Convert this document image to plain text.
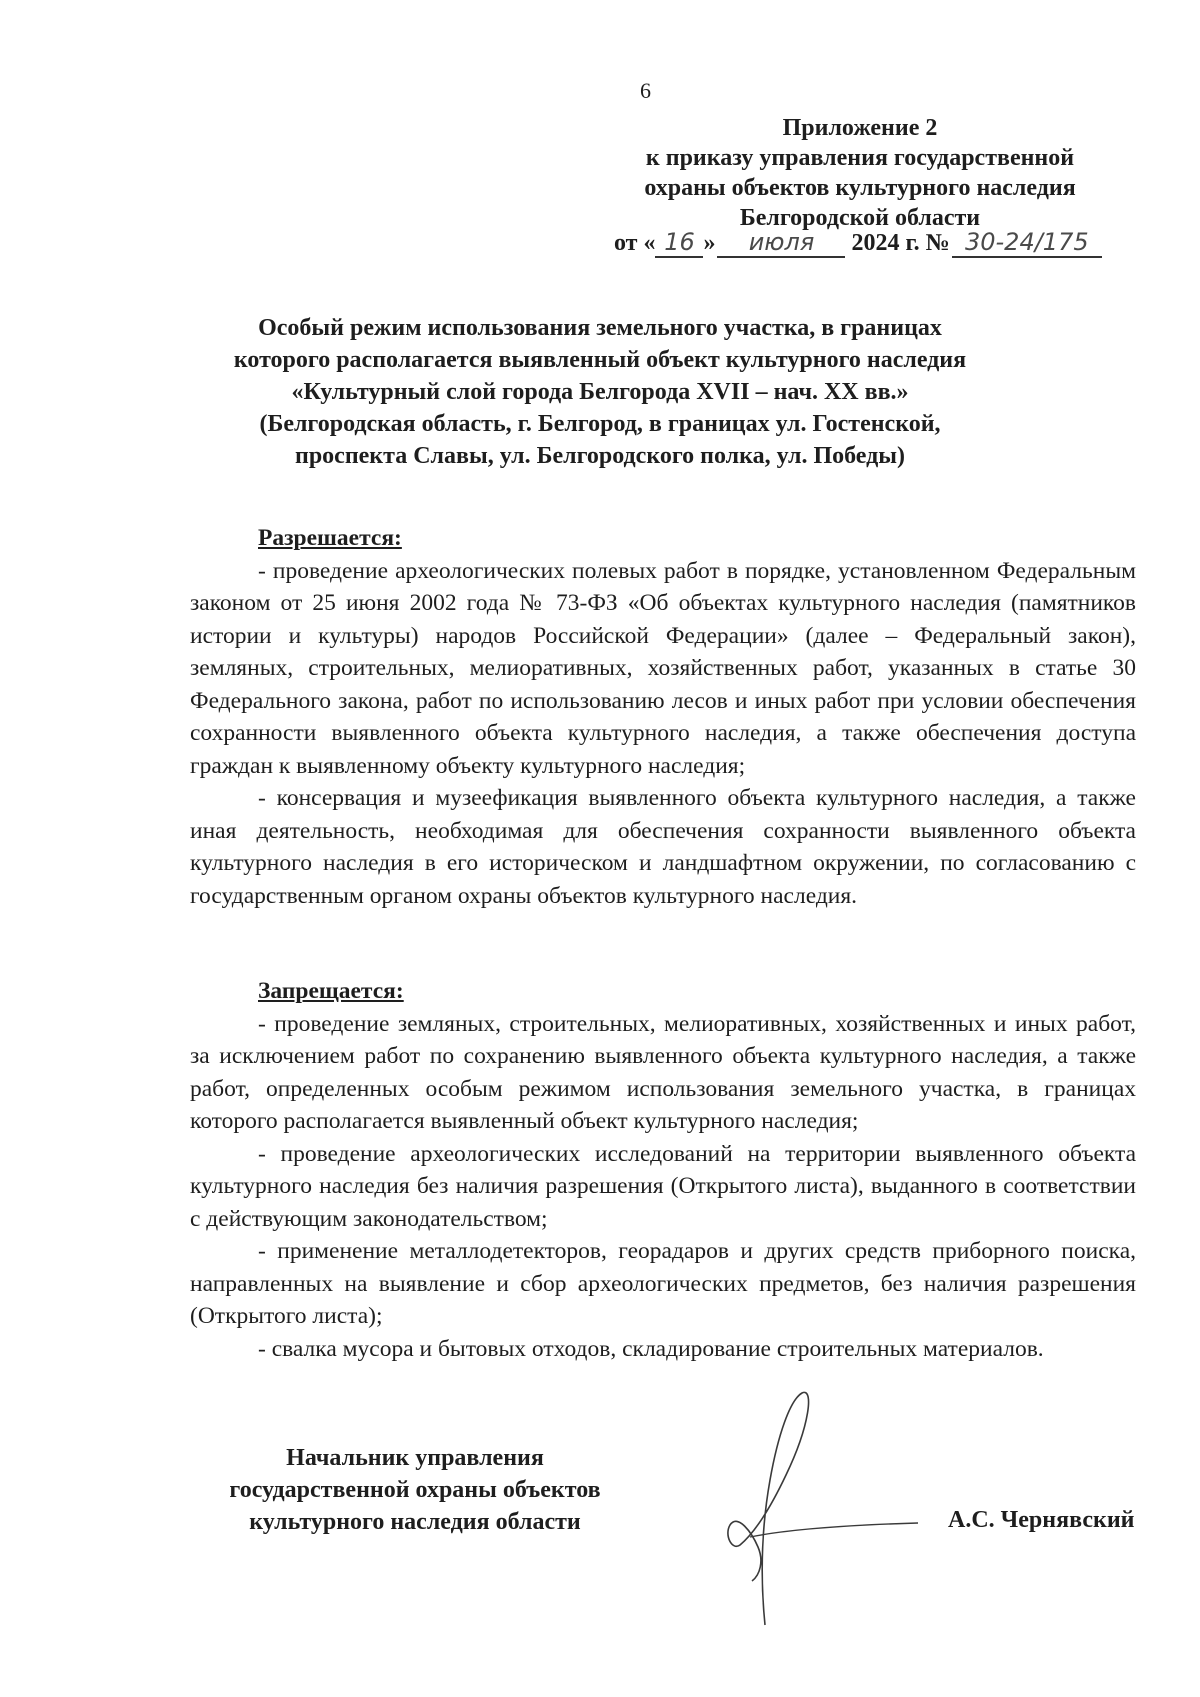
6
Приложение 2
к приказу управления государственной
охраны объектов культурного наследия
Белгородской области
от « 16 » июля 2024 г. № 30-24/175
Особый режим использования земельного участка, в границах
которого располагается выявленный объект культурного наследия
«Культурный слой города Белгорода XVII – нач. XX вв.»
(Белгородская область, г. Белгород, в границах ул. Гостенской,
проспекта Славы, ул. Белгородского полка, ул. Победы)
Разрешается:

- проведение археологических полевых работ в порядке, установленном Федеральным законом от 25 июня 2002 года № 73-ФЗ «Об объектах культурного наследия (памятников истории и культуры) народов Российской Федерации» (далее – Федеральный закон), земляных, строительных, мелиоративных, хозяйственных работ, указанных в статье 30 Федерального закона, работ по использованию лесов и иных работ при условии обеспечения сохранности выявленного объекта культурного наследия, а также обеспечения доступа граждан к выявленному объекту культурного наследия;

- консервация и музеефикация выявленного объекта культурного наследия, а также иная деятельность, необходимая для обеспечения сохранности выявленного объекта культурного наследия в его историческом и ландшафтном окружении, по согласованию с государственным органом охраны объектов культурного наследия.

Запрещается:

- проведение земляных, строительных, мелиоративных, хозяйственных и иных работ, за исключением работ по сохранению выявленного объекта культурного наследия, а также работ, определенных особым режимом использования земельного участка, в границах которого располагается выявленный объект культурного наследия;

- проведение археологических исследований на территории выявленного объекта культурного наследия без наличия разрешения (Открытого листа), выданного в соответствии с действующим законодательством;

- применение металлодетекторов, георадаров и других средств приборного поиска, направленных на выявление и сбор археологических предметов, без наличия разрешения (Открытого листа);

- свалка мусора и бытовых отходов, складирование строительных материалов.

Начальник управления
государственной охраны объектов
культурного наследия области	А.С. Чернявский
